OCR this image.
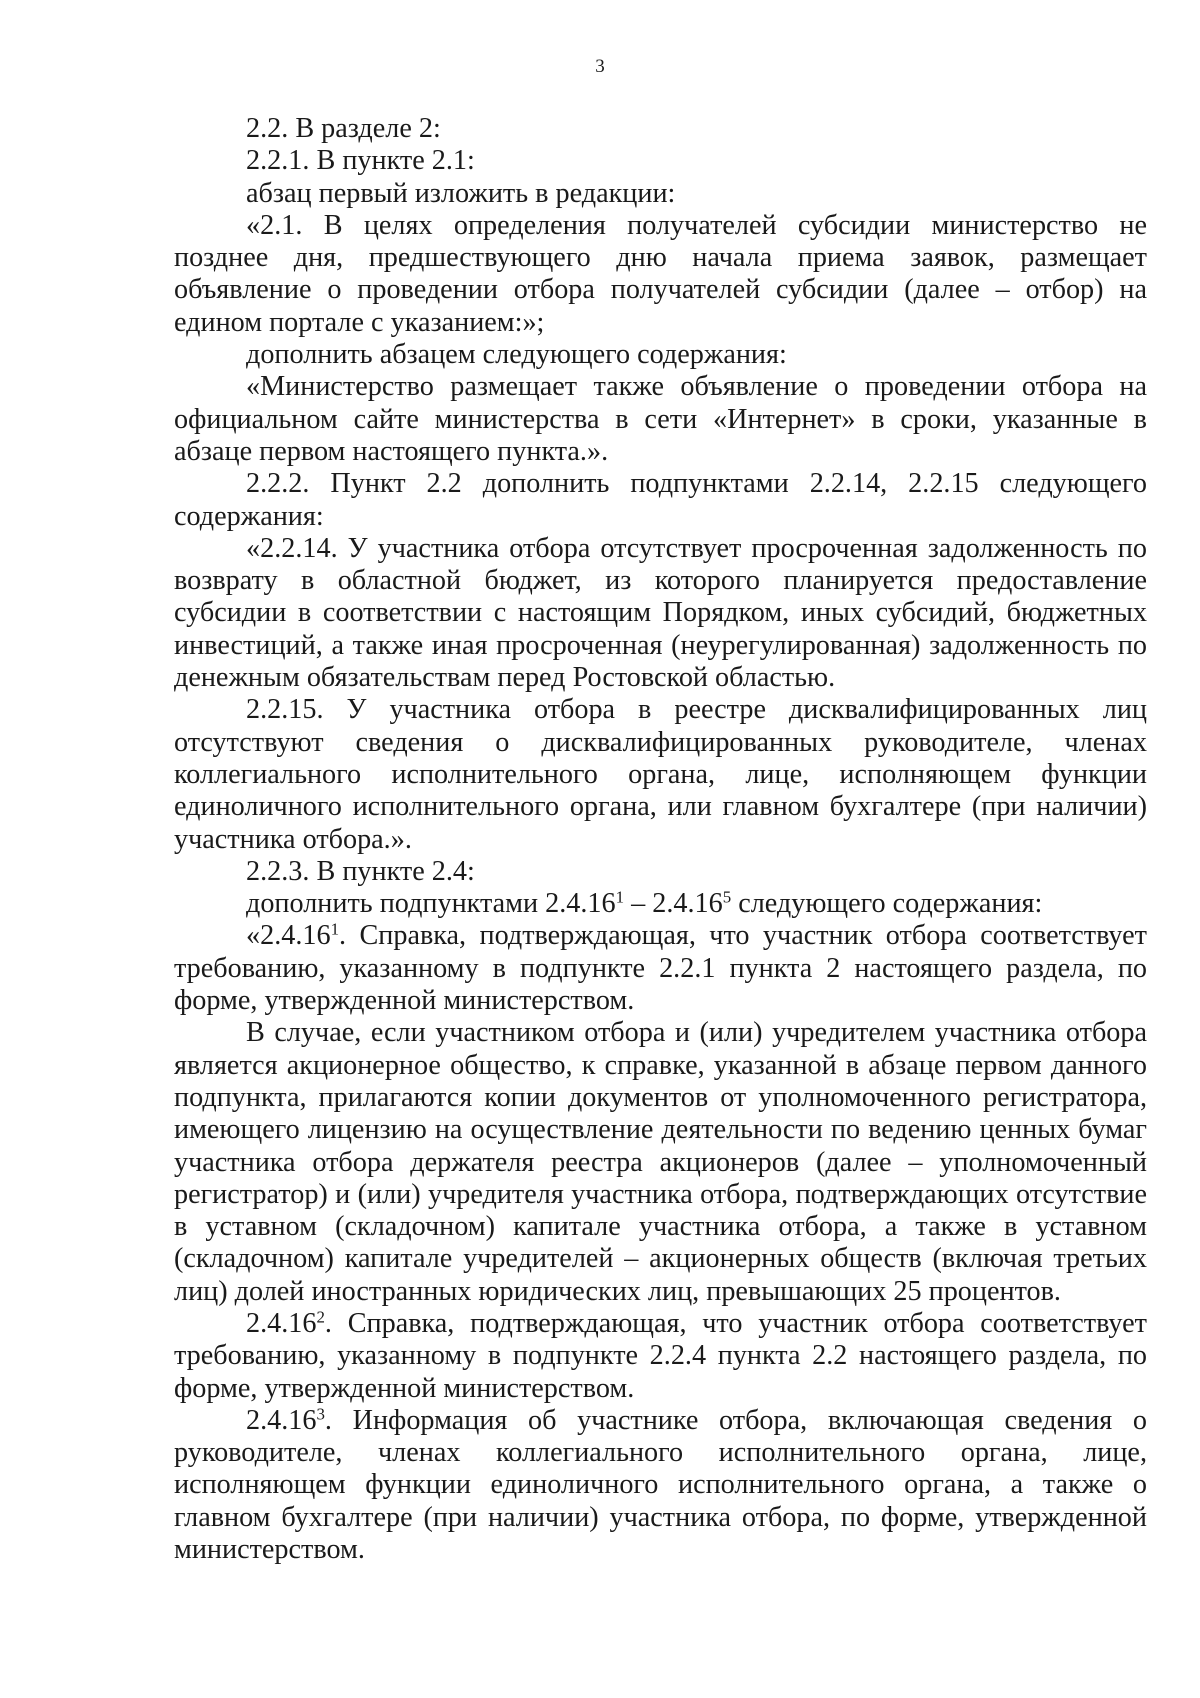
3

2.2. В разделе 2:

2.2.1. В пункте 2.1:

абзац первый изложить в редакции:

«2.1. В целях определения получателей субсидии министерство не позднее дня, предшествующего дню начала приема заявок, размещает объявление о проведении отбора получателей субсидии (далее – отбор) на едином портале с указанием:»;

дополнить абзацем следующего содержания:

«Министерство размещает также объявление о проведении отбора на официальном сайте министерства в сети «Интернет» в сроки, указанные в абзаце первом настоящего пункта.».

2.2.2. Пункт 2.2 дополнить подпунктами 2.2.14, 2.2.15 следующего содержания:

«2.2.14. У участника отбора отсутствует просроченная задолженность по возврату в областной бюджет, из которого планируется предоставление субсидии в соответствии с настоящим Порядком, иных субсидий, бюджетных инвестиций, а также иная просроченная (неурегулированная) задолженность по денежным обязательствам перед Ростовской областью.

2.2.15. У участника отбора в реестре дисквалифицированных лиц отсутствуют сведения о дисквалифицированных руководителе, членах коллегиального исполнительного органа, лице, исполняющем функции единоличного исполнительного органа, или главном бухгалтере (при наличии) участника отбора.».

2.2.3. В пункте 2.4:

дополнить подпунктами 2.4.16$^1$ – 2.4.16$^5$ следующего содержания:

«2.4.16$^1$. Справка, подтверждающая, что участник отбора соответствует требованию, указанному в подпункте 2.2.1 пункта 2 настоящего раздела, по форме, утвержденной министерством.

В случае, если участником отбора и (или) учредителем участника отбора является акционерное общество, к справке, указанной в абзаце первом данного подпункта, прилагаются копии документов от уполномоченного регистратора, имеющего лицензию на осуществление деятельности по ведению ценных бумаг участника отбора держателя реестра акционеров (далее – уполномоченный регистратор) и (или) учредителя участника отбора, подтверждающих отсутствие в уставном (складочном) капитале участника отбора, а также в уставном (складочном) капитале учредителей – акционерных обществ (включая третьих лиц) долей иностранных юридических лиц, превышающих 25 процентов.

2.4.16$^2$. Справка, подтверждающая, что участник отбора соответствует требованию, указанному в подпункте 2.2.4 пункта 2.2 настоящего раздела, по форме, утвержденной министерством.

2.4.16$^3$. Информация об участнике отбора, включающая сведения о руководителе, членах коллегиального исполнительного органа, лице, исполняющем функции единоличного исполнительного органа, а также о главном бухгалтере (при наличии) участника отбора, по форме, утвержденной министерством.
